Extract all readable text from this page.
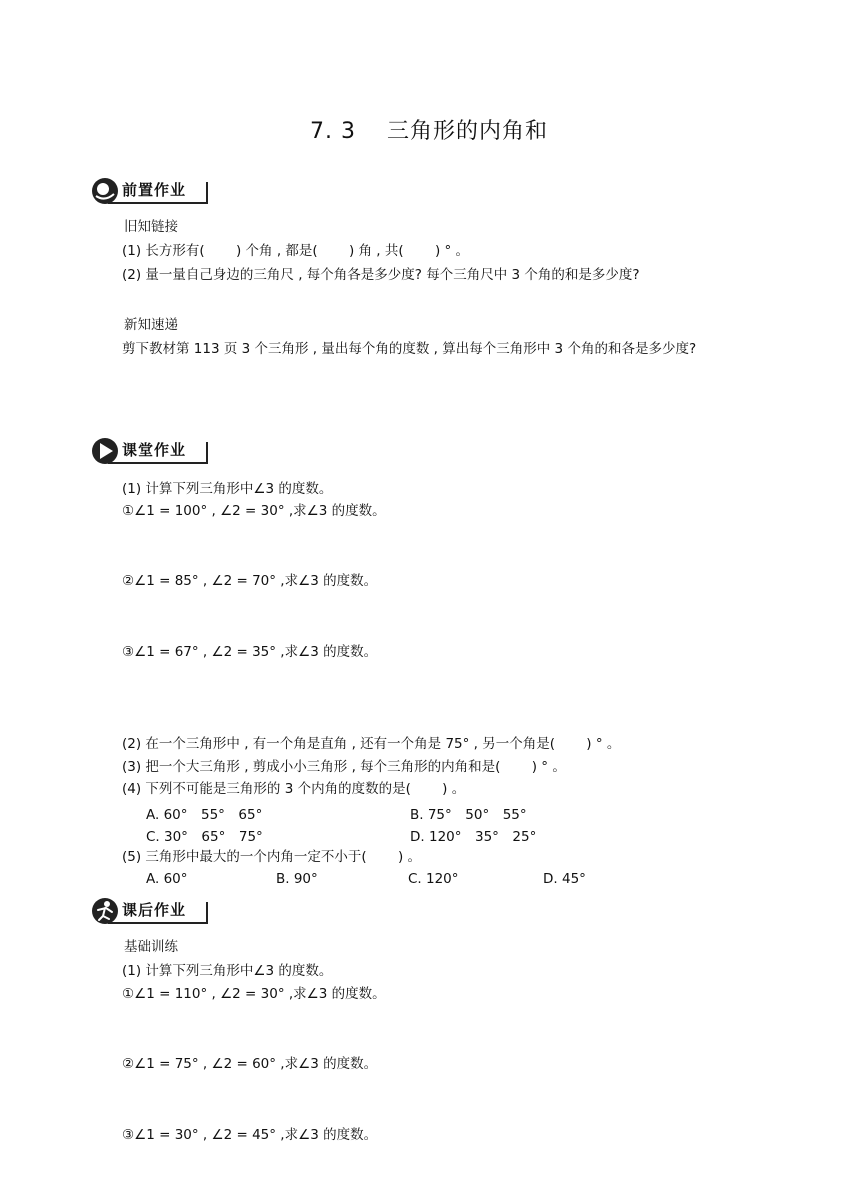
7. 3　 三角形的内角和
前置作业
旧知链接
(1) 长方形有(　　 ) 个角 , 都是(　　 ) 角 , 共(　　 ) ° 。
(2) 量一量自己身边的三角尺 , 每个角各是多少度? 每个三角尺中 3 个角的和是多少度?
新知速递
剪下教材第 113 页 3 个三角形 , 量出每个角的度数 , 算出每个三角形中 3 个角的和各是多少度?
课堂作业
(1) 计算下列三角形中∠3 的度数。
①∠1 = 100° , ∠2 = 30° ,求∠3 的度数。
②∠1 = 85° , ∠2 = 70° ,求∠3 的度数。
③∠1 = 67° , ∠2 = 35° ,求∠3 的度数。
(2) 在一个三角形中 , 有一个角是直角 , 还有一个角是 75° , 另一个角是(　　 ) ° 。
(3) 把一个大三角形 , 剪成小小三角形 , 每个三角形的内角和是(　　 ) ° 。
(4) 下列不可能是三角形的 3 个内角的度数的是(　　 ) 。
A. 60°　55°　65°	B. 75°　50°　55°
C. 30°　65°　75°	D. 120°　35°　25°
(5) 三角形中最大的一个内角一定不小于(　　 ) 。
A. 60°	B. 90°	C. 120°	D. 45°
课后作业
基础训练
(1) 计算下列三角形中∠3 的度数。
①∠1 = 110° , ∠2 = 30° ,求∠3 的度数。
②∠1 = 75° , ∠2 = 60° ,求∠3 的度数。
③∠1 = 30° , ∠2 = 45° ,求∠3 的度数。
